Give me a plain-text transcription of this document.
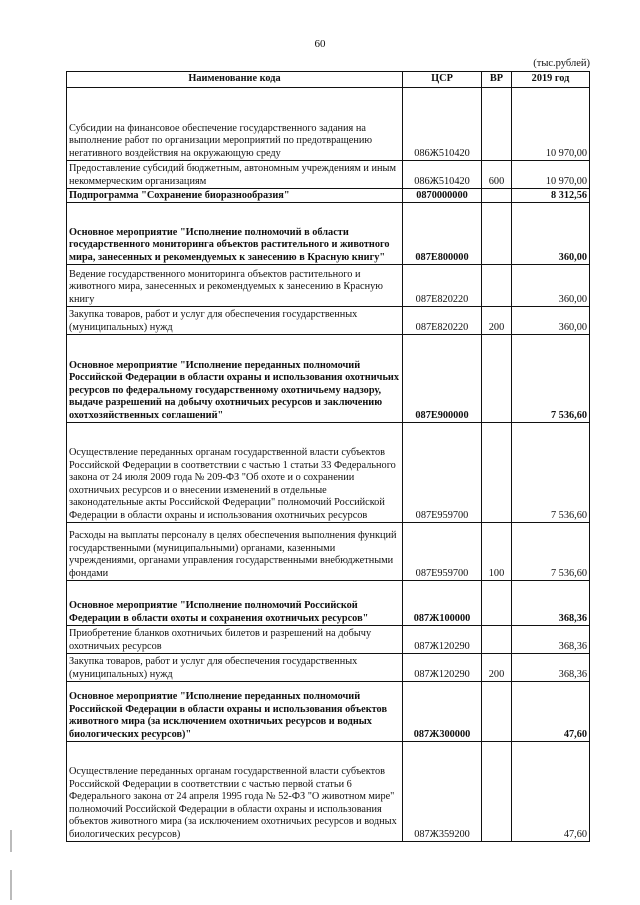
60
(тыс.рублей)
Наименование кода	ЦСР	ВР	2019 год
Субсидии на финансовое обеспечение государственного задания на выполнение работ по организации мероприятий по предотвращению негативного воздействия на окружающую среду	086Ж510420		10 970,00
Предоставление субсидий бюджетным, автономным учреждениям и иным некоммерческим организациям	086Ж510420	600	10 970,00
Подпрограмма "Сохранение биоразнообразия"	0870000000		8 312,56
Основное мероприятие "Исполнение полномочий в области государственного мониторинга объектов растительного и животного мира, занесенных и рекомендуемых к занесению в Красную книгу"	087Е800000		360,00
Ведение государственного мониторинга объектов растительного и животного мира, занесенных и рекомендуемых к занесению в Красную книгу	087Е820220		360,00
Закупка товаров, работ и услуг для обеспечения государственных (муниципальных) нужд	087Е820220	200	360,00
Основное мероприятие "Исполнение переданных полномочий Российской Федерации в области охраны и использования охотничьих ресурсов по федеральному государственному охотничьему надзору, выдаче разрешений на добычу охотничьих ресурсов и заключению охотхозяйственных соглашений"	087Е900000		7 536,60
Осуществление переданных органам государственной власти субъектов Российской Федерации в соответствии с частью 1 статьи 33 Федерального закона от 24 июля 2009 года № 209-ФЗ "Об охоте и о сохранении охотничьих ресурсов и о внесении изменений в отдельные законодательные акты Российской Федерации" полномочий Российской Федерации в области охраны и использования охотничьих ресурсов	087Е959700		7 536,60
Расходы на выплаты персоналу в целях обеспечения выполнения функций государственными (муниципальными) органами, казенными учреждениями, органами управления государственными внебюджетными фондами	087Е959700	100	7 536,60
Основное мероприятие "Исполнение полномочий Российской Федерации в области охоты и сохранения охотничьих ресурсов"	087Ж100000		368,36
Приобретение бланков охотничьих билетов и разрешений на добычу охотничьих ресурсов	087Ж120290		368,36
Закупка товаров, работ и услуг для обеспечения государственных (муниципальных) нужд	087Ж120290	200	368,36
Основное мероприятие "Исполнение переданных полномочий Российской Федерации в области охраны и использования объектов животного мира (за исключением охотничьих ресурсов и водных биологических ресурсов)"	087Ж300000		47,60
Осуществление переданных органам государственной власти субъектов Российской Федерации в соответствии с частью первой статьи 6 Федерального закона от 24 апреля 1995 года № 52-ФЗ "О животном мире" полномочий Российской Федерации в области охраны и использования объектов животного мира (за исключением охотничьих ресурсов и водных биологических ресурсов)	087Ж359200		47,60
